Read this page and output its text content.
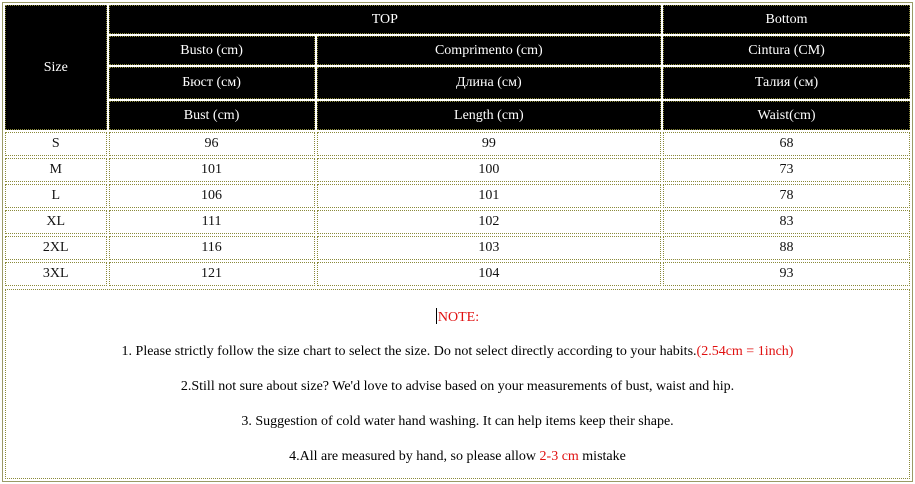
Size	TOP		Bottom
	Busto (cm)	Comprimento (cm)	Cintura (CM)
	Бюст (см)	Длина (см)	Талия (см)
	Bust (cm)	Length (cm)	Waist(cm)
S	96	99	68
M	101	100	73
L	106	101	78
XL	111	102	83
2XL	116	103	88
3XL	121	104	93

NOTE:

1. Please strictly follow the size chart to select the size. Do not select directly according to your habits.(2.54cm = 1inch)

2.Still not sure about size? We'd love to advise based on your measurements of bust, waist and hip.

3. Suggestion of cold water hand washing. It can help items keep their shape.

4.All are measured by hand, so please allow 2-3 cm mistake
